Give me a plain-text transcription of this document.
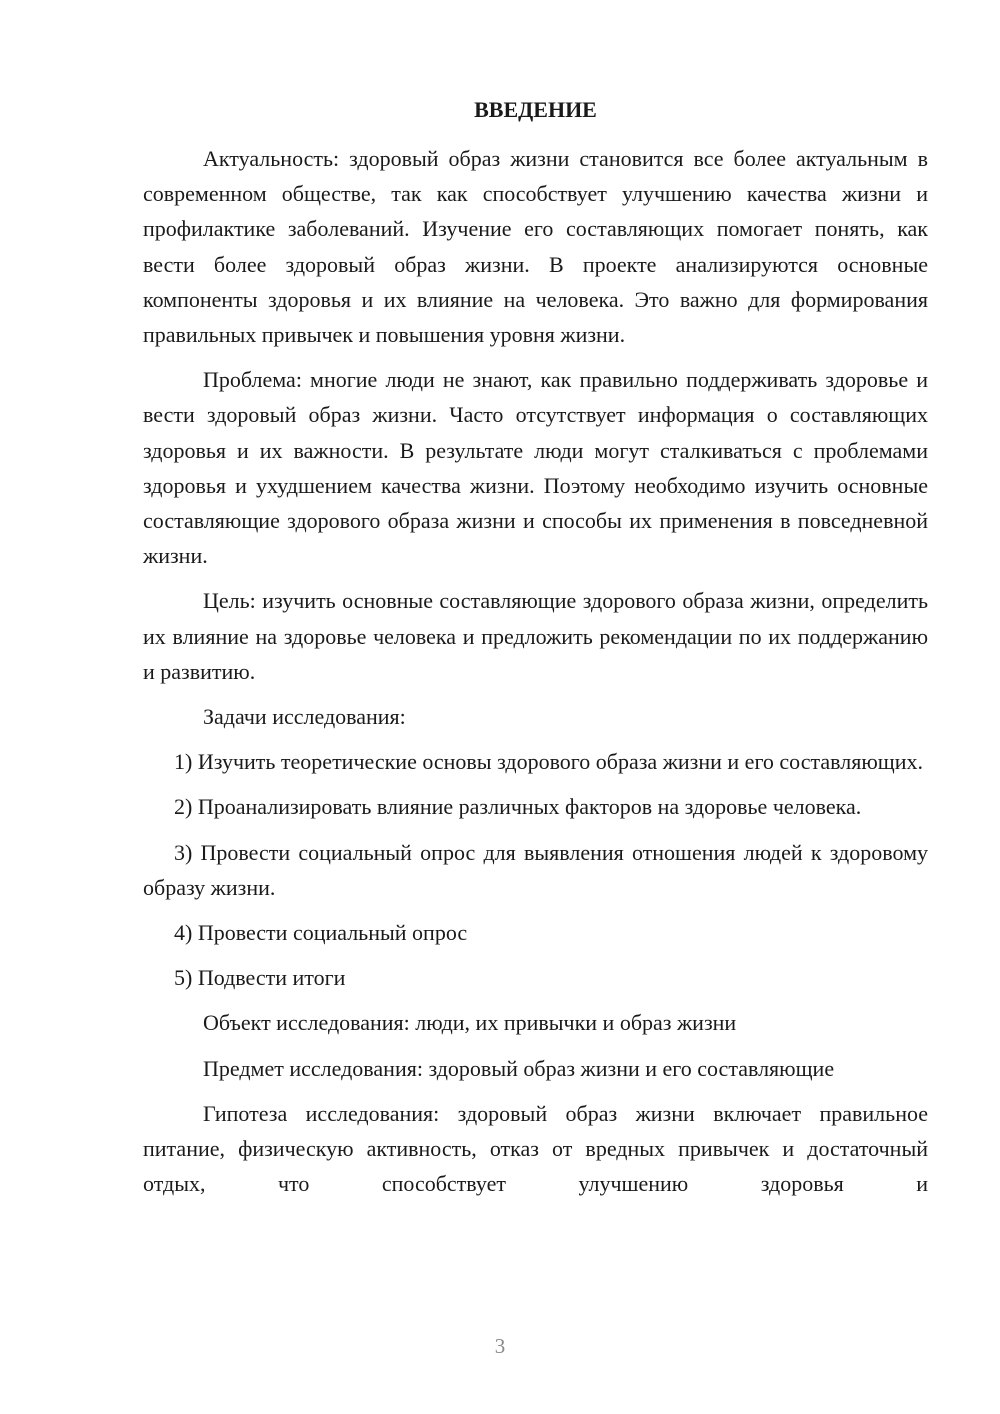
ВВЕДЕНИЕ

Актуальность: здоровый образ жизни становится все более актуальным в современном обществе, так как способствует улучшению качества жизни и профилактике заболеваний. Изучение его составляющих помогает понять, как вести более здоровый образ жизни. В проекте анализируются основные компоненты здоровья и их влияние на человека. Это важно для формирования правильных привычек и повышения уровня жизни.

Проблема: многие люди не знают, как правильно поддерживать здоровье и вести здоровый образ жизни. Часто отсутствует информация о составляющих здоровья и их важности. В результате люди могут сталкиваться с проблемами здоровья и ухудшением качества жизни. Поэтому необходимо изучить основные составляющие здорового образа жизни и способы их применения в повседневной жизни.

Цель: изучить основные составляющие здорового образа жизни, определить их влияние на здоровье человека и предложить рекомендации по их поддержанию и развитию.

Задачи исследования:

1) Изучить теоретические основы здорового образа жизни и его составляющих.

2) Проанализировать влияние различных факторов на здоровье человека.

3) Провести социальный опрос для выявления отношения людей к здоровому образу жизни.

4) Провести социальный опрос

5) Подвести итоги

Объект исследования: люди, их привычки и образ жизни

Предмет исследования: здоровый образ жизни и его составляющие

Гипотеза исследования: здоровый образ жизни включает правильное питание, физическую активность, отказ от вредных привычек и достаточный отдых, что способствует улучшению здоровья и

3
